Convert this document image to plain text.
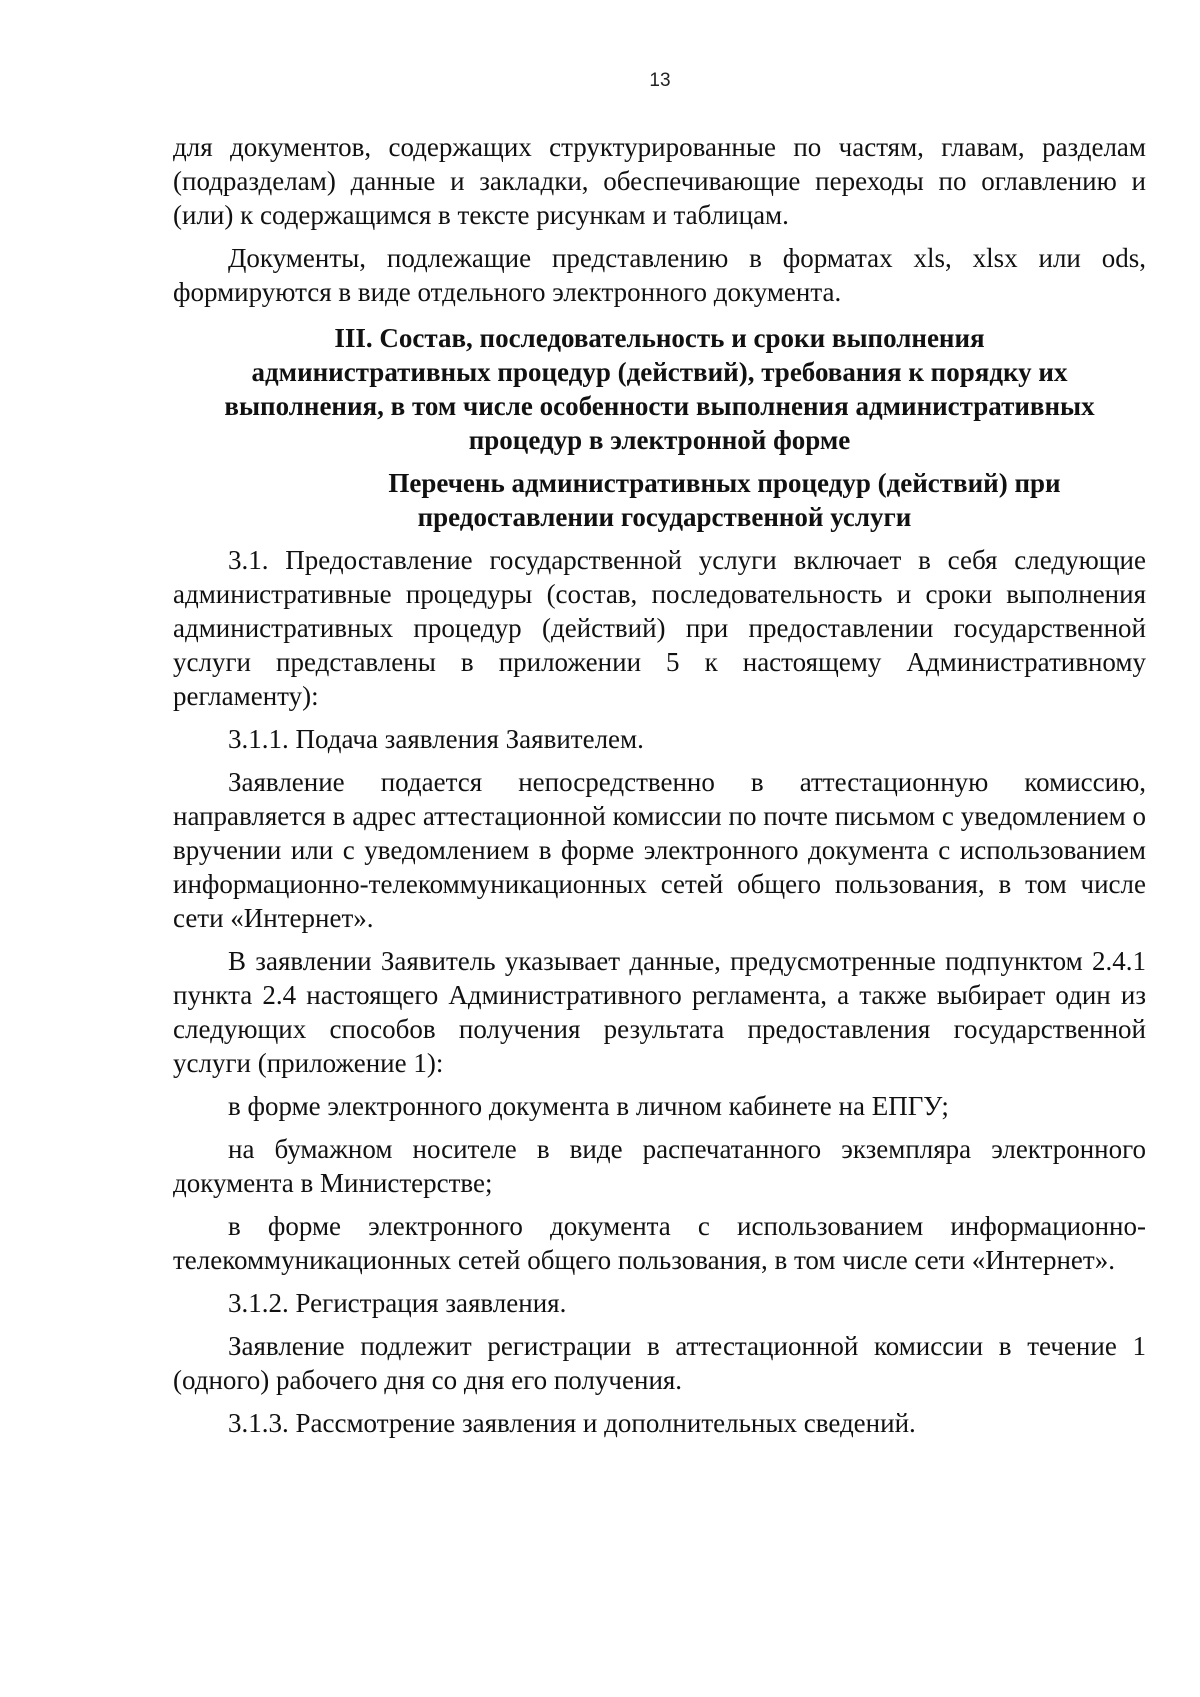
13

для документов, содержащих структурированные по частям, главам, разделам (подразделам) данные и закладки, обеспечивающие переходы по оглавлению и (или) к содержащимся в тексте рисункам и таблицам.

Документы, подлежащие представлению в форматах xls, xlsx или ods, формируются в виде отдельного электронного документа.

III. Состав, последовательность и сроки выполнения
административных процедур (действий), требования к порядку их
выполнения, в том числе особенности выполнения административных
процедур в электронной форме
Перечень административных процедур (действий) при
предоставлении государственной услуги

3.1. Предоставление государственной услуги включает в себя следующие административные процедуры (состав, последовательность и сроки выполнения административных процедур (действий) при предоставлении государственной услуги представлены в приложении 5 к настоящему Административному регламенту):

3.1.1. Подача заявления Заявителем.

Заявление подается непосредственно в аттестационную комиссию, направляется в адрес аттестационной комиссии по почте письмом с уведомлением о вручении или с уведомлением в форме электронного документа с использованием информационно-телекоммуникационных сетей общего пользования, в том числе сети «Интернет».

В заявлении Заявитель указывает данные, предусмотренные подпунктом 2.4.1 пункта 2.4 настоящего Административного регламента, а также выбирает один из следующих способов получения результата предоставления государственной услуги (приложение 1):

в форме электронного документа в личном кабинете на ЕПГУ;

на бумажном носителе в виде распечатанного экземпляра электронного документа в Министерстве;

в форме электронного документа с использованием информационно-телекоммуникационных сетей общего пользования, в том числе сети «Интернет».

3.1.2. Регистрация заявления.

Заявление подлежит регистрации в аттестационной комиссии в течение 1 (одного) рабочего дня со дня его получения.

3.1.3. Рассмотрение заявления и дополнительных сведений.
